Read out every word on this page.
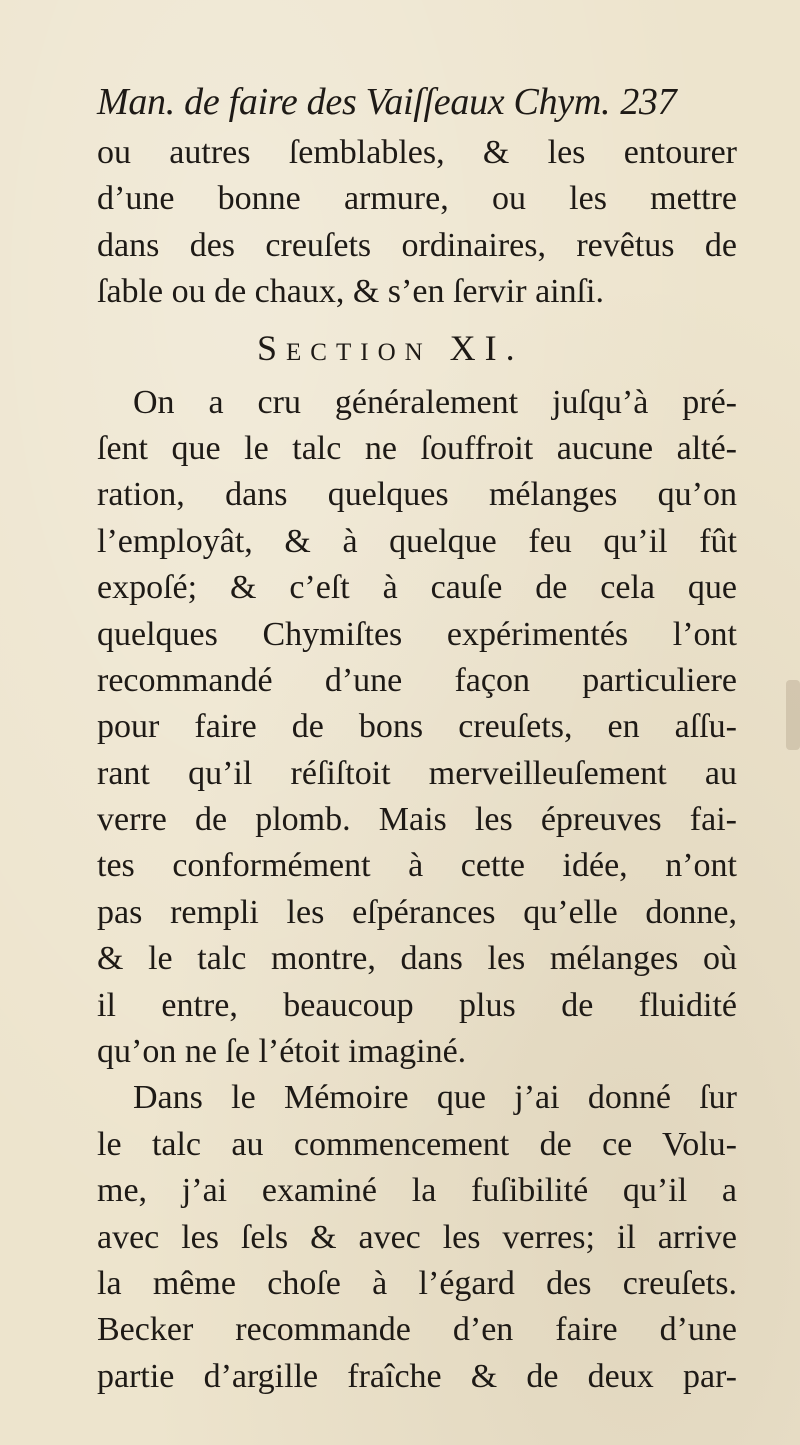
Man. de faire des Vaiſſeaux Chym. 237
ou autres ſemblables, & les entourer
d’une bonne armure, ou les mettre
dans des creuſets ordinaires, revêtus de
ſable ou de chaux, & s’en ſervir ainſi.
Section XI.
On a cru généralement juſqu’à pré-
ſent que le talc ne ſouffroit aucune alté-
ration, dans quelques mélanges qu’on
l’employât, & à quelque feu qu’il fût
expoſé; & c’eſt à cauſe de cela que
quelques Chymiſtes expérimentés l’ont
recommandé d’une façon particuliere
pour faire de bons creuſets, en aſſu-
rant qu’il réſiſtoit merveilleuſement au
verre de plomb. Mais les épreuves fai-
tes conformément à cette idée, n’ont
pas rempli les eſpérances qu’elle donne,
& le talc montre, dans les mélanges où
il entre, beaucoup plus de fluidité
qu’on ne ſe l’étoit imaginé.
Dans le Mémoire que j’ai donné ſur
le talc au commencement de ce Volu-
me, j’ai examiné la fuſibilité qu’il a
avec les ſels & avec les verres; il arrive
la même choſe à l’égard des creuſets.
Becker recommande d’en faire d’une
partie d’argille fraîche & de deux par-
